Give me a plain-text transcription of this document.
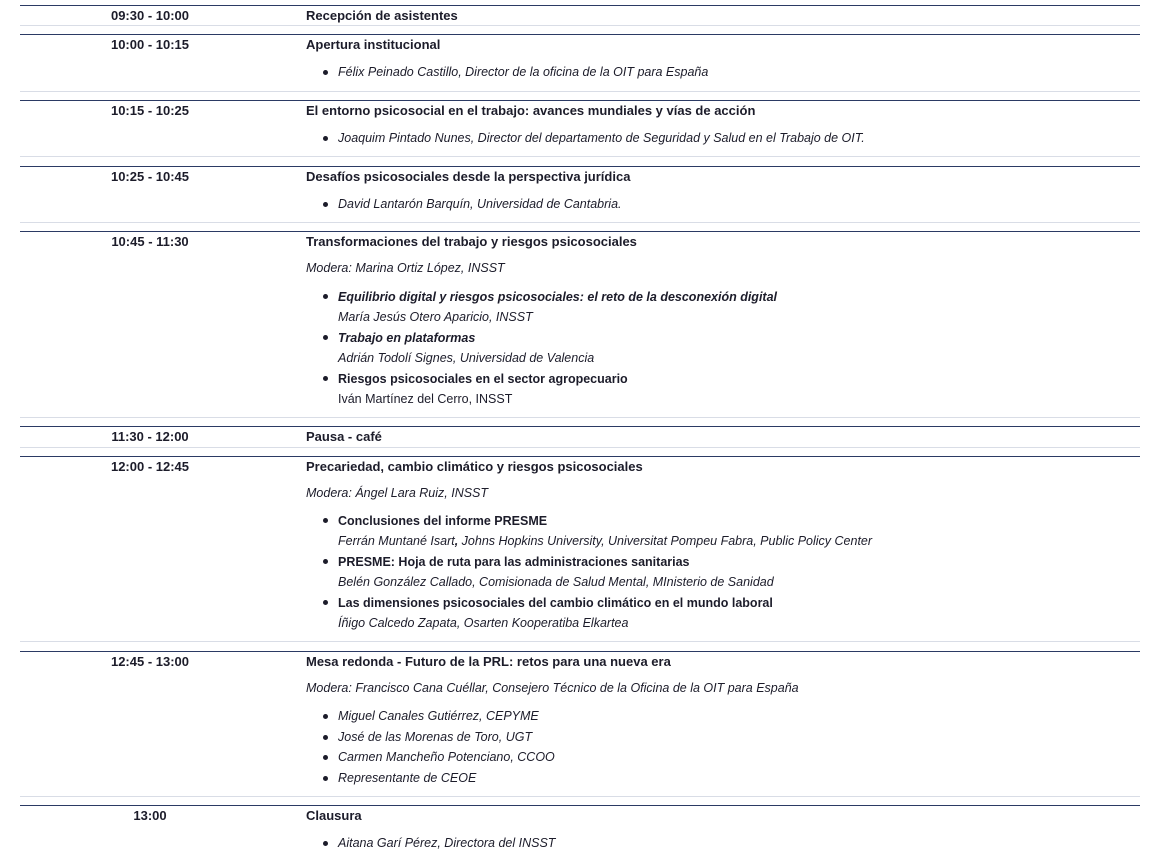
09:30 - 10:00	Recepción de asistentes
10:00 - 10:15	Apertura institucional
Félix Peinado Castillo, Director de la oficina de la OIT para España
10:15 - 10:25	El entorno psicosocial en el trabajo: avances mundiales y vías de acción
Joaquim Pintado Nunes, Director del departamento de Seguridad y Salud en el Trabajo de OIT.
10:25 - 10:45	Desafíos psicosociales desde la perspectiva jurídica
David Lantarón Barquín, Universidad de Cantabria.
10:45 - 11:30	Transformaciones del trabajo y riesgos psicosociales
Modera: Marina Ortiz López, INSST
Equilibrio digital y riesgos psicosociales: el reto de la desconexión digital
María Jesús Otero Aparicio, INSST
Trabajo en plataformas
Adrián Todolí Signes, Universidad de Valencia
Riesgos psicosociales en el sector agropecuario
Iván Martínez del Cerro, INSST
11:30 - 12:00	Pausa - café
12:00 - 12:45	Precariedad, cambio climático y riesgos psicosociales
Modera: Ángel Lara Ruiz, INSST
Conclusiones del informe PRESME
Ferrán Muntané Isart, Johns Hopkins University, Universitat Pompeu Fabra, Public Policy Center
PRESME: Hoja de ruta para las administraciones sanitarias
Belén González Callado, Comisionada de Salud Mental, MInisterio de Sanidad
Las dimensiones psicosociales del cambio climático en el mundo laboral
Íñigo Calcedo Zapata, Osarten Kooperatiba Elkartea
12:45 - 13:00	Mesa redonda - Futuro de la PRL: retos para una nueva era
Modera: Francisco Cana Cuéllar, Consejero Técnico de la Oficina de la OIT para España
Miguel Canales Gutiérrez, CEPYME
José de las Morenas de Toro, UGT
Carmen Mancheño Potenciano, CCOO
Representante de CEOE
13:00	Clausura
Aitana Garí Pérez, Directora del INSST
